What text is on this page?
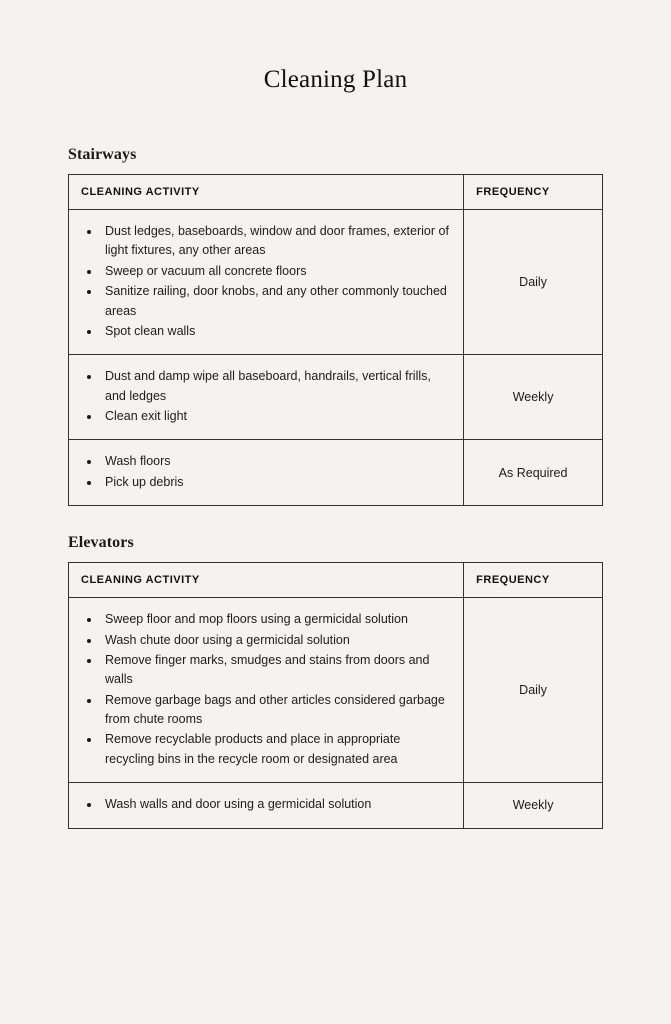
Cleaning Plan
Stairways
CLEANING ACTIVITY	FREQUENCY

• Dust ledges, baseboards, window and door frames, exterior of light fixtures, any other areas
• Sweep or vacuum all concrete floors
• Sanitize railing, door knobs, and any other commonly touched areas
• Spot clean walls
	Daily

• Dust and damp wipe all baseboard, handrails, vertical frills, and ledges
• Clean exit light
	Weekly

• Wash floors
• Pick up debris
	As Required
Elevators
CLEANING ACTIVITY	FREQUENCY

• Sweep floor and mop floors using a germicidal solution
• Wash chute door using a germicidal solution
• Remove finger marks, smudges and stains from doors and walls
• Remove garbage bags and other articles considered garbage from chute rooms
• Remove recyclable products and place in appropriate recycling bins in the recycle room or designated area
	Daily

• Wash walls and door using a germicidal solution	Weekly
